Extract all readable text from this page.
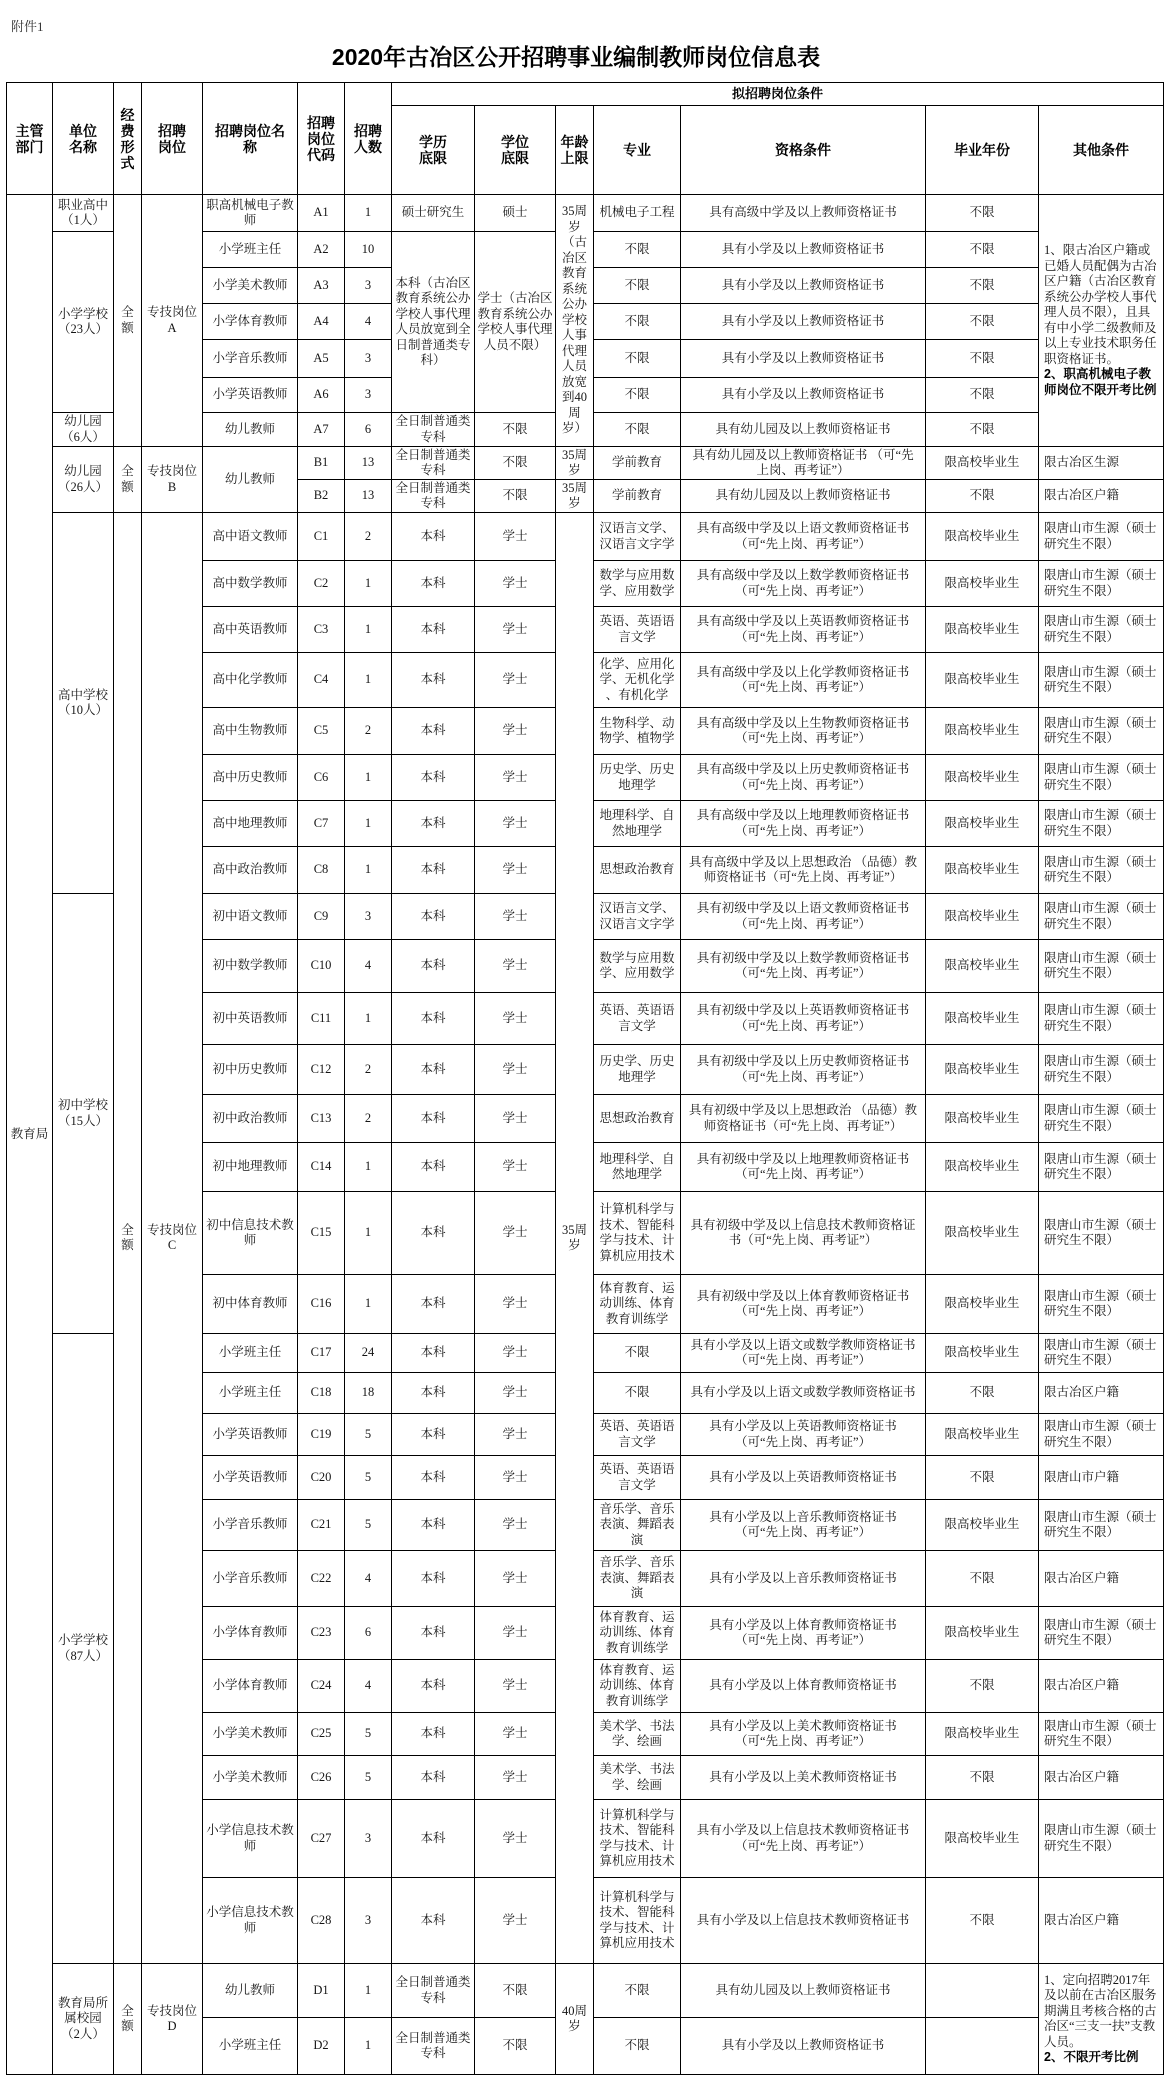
附件1
2020年古冶区公开招聘事业编制教师岗位信息表
主管部门	单位名称	经费形式	招聘岗位	招聘岗位名称	招聘岗位代码	招聘人数	拟招聘岗位条件						
							学历底限	学位底限	年龄上限	专业	资格条件	毕业年份	其他条件
教育局	职业高中（1人）	全额	专技岗位A	职高机械电子教师	A1	1	硕士研究生	硕士	35周岁（古冶区教育系统公办学校人事代理人员放宽到40周岁）	机械电子工程	具有高级中学及以上教师资格证书	不限	1、限古冶区户籍或已婚人员配偶为古冶区户籍（古冶区教育系统公办学校人事代理人员不限），且具有中小学二级教师及以上专业技术职务任职资格证书。
2、职高机械电子教师岗位不限开考比例

	小学学校（23人）			小学班主任	A2	10	本科（古冶区教育系统公办学校人事代理人员放宽到全日制普通类专科）	学士（古冶区教育系统公办学校人事代理人员不限）		不限	具有小学及以上教师资格证书	不限	
				小学美术教师	A3	3				不限	具有小学及以上教师资格证书	不限	
				小学体育教师	A4	4				不限	具有小学及以上教师资格证书	不限	
				小学音乐教师	A5	3				不限	具有小学及以上教师资格证书	不限	
				小学英语教师	A6	3				不限	具有小学及以上教师资格证书	不限	
	幼儿园（6人）			幼儿教师	A7	6	全日制普通类专科	不限		不限	具有幼儿园及以上教师资格证书	不限	
	幼儿园（26人）	全额	专技岗位B	幼儿教师	B1	13	全日制普通类专科	不限	35周岁	学前教育	具有幼儿园及以上教师资格证书 （可“先上岗、再考证”）	限高校毕业生	限古冶区生源
					B2	13	全日制普通类专科	不限	35周岁	学前教育	具有幼儿园及以上教师资格证书	不限	限古冶区户籍
	高中学校（10人）	全额	专技岗位C	高中语文教师	C1	2	本科	学士	35周岁	汉语言文学、汉语言文字学	具有高级中学及以上语文教师资格证书（可“先上岗、再考证”）	限高校毕业生	限唐山市生源（硕士研究生不限）
				高中数学教师	C2	1	本科	学士		数学与应用数学、应用数学	具有高级中学及以上数学教师资格证书（可“先上岗、再考证”）	限高校毕业生	限唐山市生源（硕士研究生不限）
				高中英语教师	C3	1	本科	学士		英语、英语语言文学	具有高级中学及以上英语教师资格证书（可“先上岗、再考证”）	限高校毕业生	限唐山市生源（硕士研究生不限）
				高中化学教师	C4	1	本科	学士		化学、应用化学、无机化学、有机化学	具有高级中学及以上化学教师资格证书（可“先上岗、再考证”）	限高校毕业生	限唐山市生源（硕士研究生不限）
				高中生物教师	C5	2	本科	学士		生物科学、动物学、植物学	具有高级中学及以上生物教师资格证书（可“先上岗、再考证”）	限高校毕业生	限唐山市生源（硕士研究生不限）
				高中历史教师	C6	1	本科	学士		历史学、历史地理学	具有高级中学及以上历史教师资格证书（可“先上岗、再考证”）	限高校毕业生	限唐山市生源（硕士研究生不限）
				高中地理教师	C7	1	本科	学士		地理科学、自然地理学	具有高级中学及以上地理教师资格证书（可“先上岗、再考证”）	限高校毕业生	限唐山市生源（硕士研究生不限）
				高中政治教师	C8	1	本科	学士		思想政治教育	具有高级中学及以上思想政治 （品德）教师资格证书（可“先上岗、再考证”）	限高校毕业生	限唐山市生源（硕士研究生不限）
	初中学校（15人）			初中语文教师	C9	3	本科	学士		汉语言文学、汉语言文字学	具有初级中学及以上语文教师资格证书（可“先上岗、再考证”）	限高校毕业生	限唐山市生源（硕士研究生不限）
				初中数学教师	C10	4	本科	学士		数学与应用数学、应用数学	具有初级中学及以上数学教师资格证书（可“先上岗、再考证”）	限高校毕业生	限唐山市生源（硕士研究生不限）
				初中英语教师	C11	1	本科	学士		英语、英语语言文学	具有初级中学及以上英语教师资格证书（可“先上岗、再考证”）	限高校毕业生	限唐山市生源（硕士研究生不限）
				初中历史教师	C12	2	本科	学士		历史学、历史地理学	具有初级中学及以上历史教师资格证书（可“先上岗、再考证”）	限高校毕业生	限唐山市生源（硕士研究生不限）
				初中政治教师	C13	2	本科	学士		思想政治教育	具有初级中学及以上思想政治 （品德）教师资格证书（可“先上岗、再考证”）	限高校毕业生	限唐山市生源（硕士研究生不限）
				初中地理教师	C14	1	本科	学士		地理科学、自然地理学	具有初级中学及以上地理教师资格证书（可“先上岗、再考证”）	限高校毕业生	限唐山市生源（硕士研究生不限）
				初中信息技术教师	C15	1	本科	学士		计算机科学与技术、智能科学与技术、计算机应用技术	具有初级中学及以上信息技术教师资格证书（可“先上岗、再考证”）	限高校毕业生	限唐山市生源（硕士研究生不限）
				初中体育教师	C16	1	本科	学士		体育教育、运动训练、体育教育训练学	具有初级中学及以上体育教师资格证书（可“先上岗、再考证”）	限高校毕业生	限唐山市生源（硕士研究生不限）
	小学学校（87人）			小学班主任	C17	24	本科	学士		不限	具有小学及以上语文或数学教师资格证书（可“先上岗、再考证”）	限高校毕业生	限唐山市生源（硕士研究生不限）
				小学班主任	C18	18	本科	学士		不限	具有小学及以上语文或数学教师资格证书	不限	限古冶区户籍
				小学英语教师	C19	5	本科	学士		英语、英语语言文学	具有小学及以上英语教师资格证书 （可“先上岗、再考证”）	限高校毕业生	限唐山市生源（硕士研究生不限）
				小学英语教师	C20	5	本科	学士		英语、英语语言文学	具有小学及以上英语教师资格证书	不限	限唐山市户籍
				小学音乐教师	C21	5	本科	学士		音乐学、音乐表演、舞蹈表演	具有小学及以上音乐教师资格证书 （可“先上岗、再考证”）	限高校毕业生	限唐山市生源（硕士研究生不限）
				小学音乐教师	C22	4	本科	学士		音乐学、音乐表演、舞蹈表演	具有小学及以上音乐教师资格证书	不限	限古冶区户籍
				小学体育教师	C23	6	本科	学士		体育教育、运动训练、体育教育训练学	具有小学及以上体育教师资格证书 （可“先上岗、再考证”）	限高校毕业生	限唐山市生源（硕士研究生不限）
				小学体育教师	C24	4	本科	学士		体育教育、运动训练、体育教育训练学	具有小学及以上体育教师资格证书	不限	限古冶区户籍
				小学美术教师	C25	5	本科	学士		美术学、书法学、绘画	具有小学及以上美术教师资格证书 （可“先上岗、再考证”）	限高校毕业生	限唐山市生源（硕士研究生不限）
				小学美术教师	C26	5	本科	学士		美术学、书法学、绘画	具有小学及以上美术教师资格证书	不限	限古冶区户籍
				小学信息技术教师	C27	3	本科	学士		计算机科学与技术、智能科学与技术、计算机应用技术	具有小学及以上信息技术教师资格证书（可“先上岗、再考证”）	限高校毕业生	限唐山市生源（硕士研究生不限）
				小学信息技术教师	C28	3	本科	学士		计算机科学与技术、智能科学与技术、计算机应用技术	具有小学及以上信息技术教师资格证书	不限	限古冶区户籍
	教育局所属校园（2人）	全额	专技岗位D	幼儿教师	D1	1	全日制普通类专科	不限	40周岁	不限	具有幼儿园及以上教师资格证书		1、定向招聘2017年及以前在古冶区服务期满且考核合格的古冶区“三支一扶”支教人员。
2、不限开考比例

				小学班主任	D2	1	全日制普通类专科	不限		不限	具有小学及以上教师资格证书		
